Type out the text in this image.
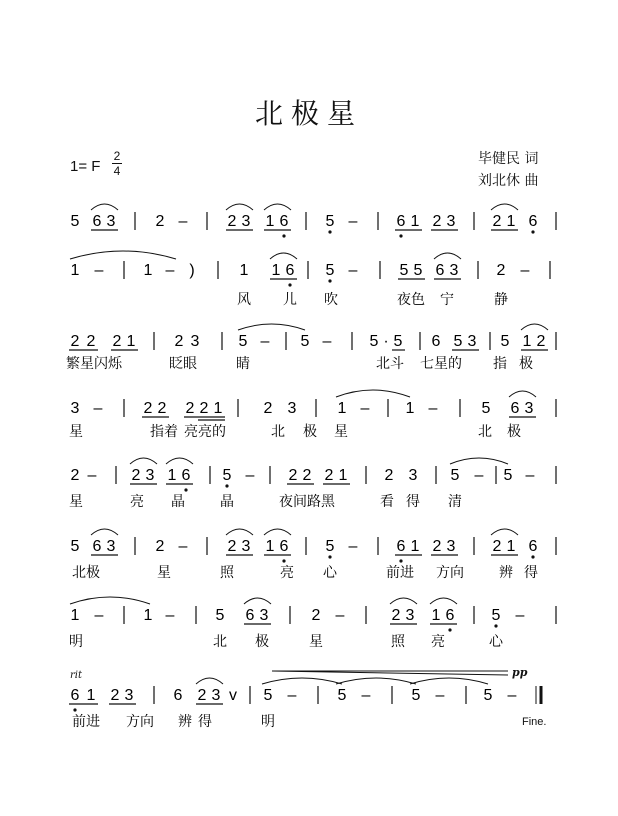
北极星
1= F
2
4
毕健民 词
刘北休 曲
rit	pp
Fine.
5 6 3	2 –	2 3 1 6 5 – 6 1 2 3 2 1 6
1 –	1 – )	1 1 6 5 –	5 5 6 3 2 –
2 2 2 1 2 3 5 – 5 – 5 · 5 6 5 3 5 1 2
3 –	2 2 2 2 1	2 3	1 – 1 –	5 6 3
2 – 2 3 1 6 5 – 2 2 2 1 2 3 5 – 5 –
5 6 3	2 –	2 3 1 6 5 – 6 1 2 3 2 1 6
1 –	1 –	5 6 3	2 –	2 3 1 6 5 –
6 1 2 3	6 2 3 v 5 –	5 –	5 – 5 –
风 儿 吹	夜色 宁	静
繁星闪烁	眨眼	睛	北斗 七星的 指 极
星	指着 亮亮的	北 极 星	北 极
星	亮 晶	晶	夜间路黑	看 得 清
北极	星	照	亮 心	前进 方向	辨 得
明	北 极	星	照 亮	心
前进 方向 辨 得	明
